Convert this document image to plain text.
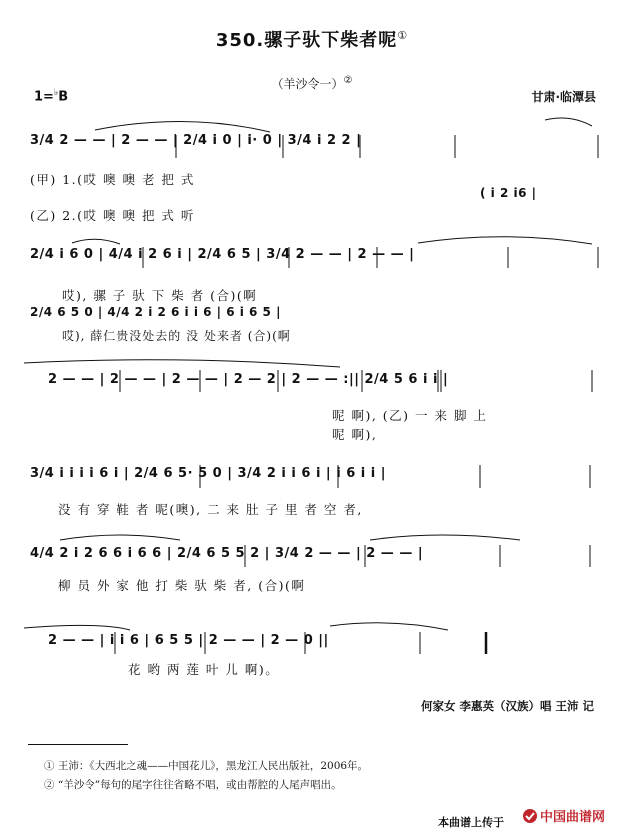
350.骡子驮下柴者呢①
（羊沙令一）②
1=♭B	甘肃·临潭县
3/4 2 — — | 2 — — | 2/4 i 0 | i· 0 | 3/4 i 2 2 |
(甲) 1.(哎 噢 噢 老 把 式
( i 2 i6 |
(乙) 2.(哎 噢 噢 把 式 听
2/4 i 6 0 | 4/4 i 2 6 i | 2/4 6 5 | 3/4 2 — — | 2 — — |
哎), 骡 子 驮 下 柴 者 (合)(啊
2/4 6 5 0 | 4/4 2 i 2 6 i i 6 | 6 i 6 5 |
哎), 薛仁贵没处去的 没 处来者 (合)(啊
2 — — | 2 — — | 2 — — | 2 — 2 | 2 — — :|| 2/4 5 6 i i |
呢 啊), (乙) 一 来 脚 上
呢 啊),
3/4 i i i i 6 i | 2/4 6 5· 5 0 | 3/4 2 i i 6 i | i 6 i i |
没 有 穿 鞋 者 呢(噢), 二 来 肚 子 里 者 空 者,
4/4 2 i 2 6 6 i 6 6 | 2/4 6 5 5 2 | 3/4 2 — — | 2 — — |
柳 员 外 家 他 打 柴 驮 柴 者, (合)(啊
2 — — | i i 6 | 6 5 5 | 2 — — | 2 — 0 ||
花 哟 两 莲 叶 儿 啊)。
何家女 李惠英（汉族）唱 王沛 记
① 王沛：《大西北之魂——中国花儿》，黑龙江人民出版社，2006年。
② “羊沙令”每句的尾字往往省略不唱，或由帮腔的人尾声唱出。
本曲谱上传于	中国曲谱网
